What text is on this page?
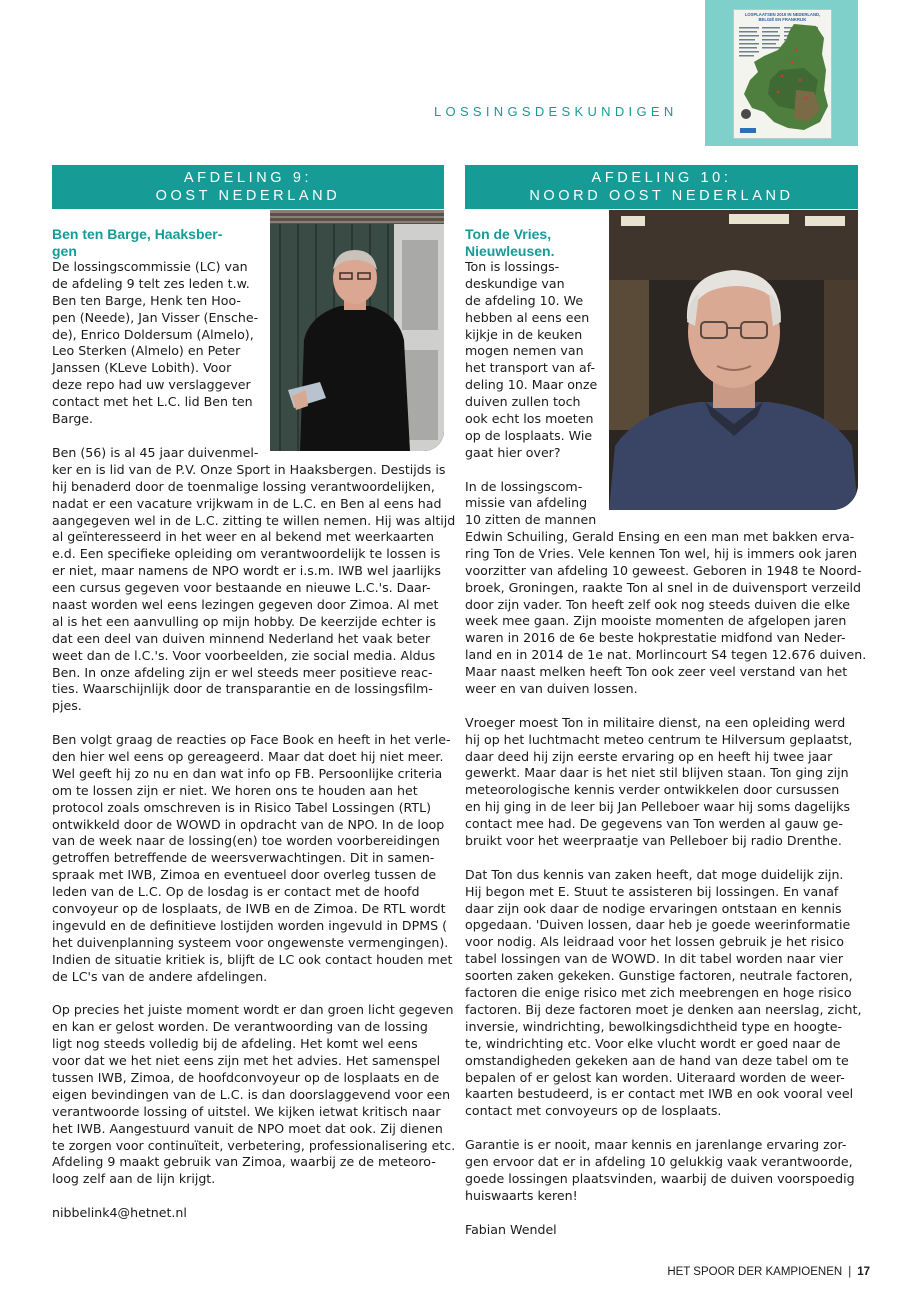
LOSSINGSDESKUNDIGEN
LOSPLAATSEN 2019 IN NEDERLAND,
BELGIË EN FRANKRIJK
AFDELING 9:
OOST NEDERLAND
AFDELING 10:
NOORD OOST NEDERLAND
Ben ten Barge, Haaksber-
gen
De lossingscommissie (LC) van
de afdeling 9 telt zes leden t.w.
Ben ten Barge, Henk ten Hoo-
pen (Neede), Jan Visser (Ensche-
de), Enrico Doldersum (Almelo),
Leo Sterken (Almelo) en Peter
Janssen (KLeve Lobith). Voor
deze repo had uw verslaggever
contact met het L.C. lid Ben ten
Barge.
Ben (56) is al 45 jaar duivenmel-
ker en is lid van de P.V. Onze Sport in Haaksbergen. Destijds is
hij benaderd door de toenmalige lossing verantwoordelijken,
nadat er een vacature vrijkwam in de L.C. en Ben al eens had
aangegeven wel in de L.C. zitting te willen nemen. Hij was altijd
al geïnteresseerd in het weer en al bekend met weerkaarten
e.d. Een specifieke opleiding om verantwoordelijk te lossen is
er niet, maar namens de NPO wordt er i.s.m. IWB wel jaarlijks
een cursus gegeven voor bestaande en nieuwe L.C.'s. Daar-
naast worden wel eens lezingen gegeven door Zimoa. Al met
al is het een aanvulling op mijn hobby. De keerzijde echter is
dat een deel van duiven minnend Nederland het vaak beter
weet dan de l.C.'s. Voor voorbeelden, zie social media. Aldus
Ben. In onze afdeling zijn er wel steeds meer positieve reac-
ties. Waarschijnlijk door de transparantie en de lossingsfilm-
pjes.
Ben volgt graag de reacties op Face Book en heeft in het verle-
den hier wel eens op gereageerd. Maar dat doet hij niet meer.
Wel geeft hij zo nu en dan wat info op FB. Persoonlijke criteria
om te lossen zijn er niet. We horen ons te houden aan het
protocol zoals omschreven is in Risico Tabel Lossingen (RTL)
ontwikkeld door de WOWD in opdracht van de NPO. In de loop
van de week naar de lossing(en) toe worden voorbereidingen
getroffen betreffende de weersverwachtingen. Dit in samen-
spraak met IWB, Zimoa en eventueel door overleg tussen de
leden van de L.C. Op de losdag is er contact met de hoofd
convoyeur op de losplaats, de IWB en de Zimoa. De RTL wordt
ingevuld en de definitieve lostijden worden ingevuld in DPMS (
het duivenplanning systeem voor ongewenste vermengingen).
Indien de situatie kritiek is, blijft de LC ook contact houden met
de LC's van de andere afdelingen.
Op precies het juiste moment wordt er dan groen licht gegeven
en kan er gelost worden. De verantwoording van de lossing
ligt nog steeds volledig bij de afdeling. Het komt wel eens
voor dat we het niet eens zijn met het advies. Het samenspel
tussen IWB, Zimoa, de hoofdconvoyeur op de losplaats en de
eigen bevindingen van de L.C. is dan doorslaggevend voor een
verantwoorde lossing of uitstel. We kijken ietwat kritisch naar
het IWB. Aangestuurd vanuit de NPO moet dat ook. Zij dienen
te zorgen voor continuïteit, verbetering, professionalisering etc.
Afdeling 9 maakt gebruik van Zimoa, waarbij ze de meteoro-
loog zelf aan de lijn krijgt.
nibbelink4@hetnet.nl
Ton de Vries,
Nieuwleusen.
Ton is lossings-
deskundige van
de afdeling 10. We
hebben al eens een
kijkje in de keuken
mogen nemen van
het transport van af-
deling 10. Maar onze
duiven zullen toch
ook echt los moeten
op de losplaats. Wie
gaat hier over?
In de lossingscom-
missie van afdeling
10 zitten de mannen
Edwin Schuiling, Gerald Ensing en een man met bakken erva-
ring Ton de Vries. Vele kennen Ton wel, hij is immers ook jaren
voorzitter van afdeling 10 geweest. Geboren in 1948 te Noord-
broek, Groningen, raakte Ton al snel in de duivensport verzeild
door zijn vader. Ton heeft zelf ook nog steeds duiven die elke
week mee gaan. Zijn mooiste momenten de afgelopen jaren
waren in 2016 de 6e beste hokprestatie midfond van Neder-
land en in 2014 de 1e nat. Morlincourt S4 tegen 12.676 duiven.
Maar naast melken heeft Ton ook zeer veel verstand van het
weer en van duiven lossen.
Vroeger moest Ton in militaire dienst, na een opleiding werd
hij op het luchtmacht meteo centrum te Hilversum geplaatst,
daar deed hij zijn eerste ervaring op en heeft hij twee jaar
gewerkt. Maar daar is het niet stil blijven staan. Ton ging zijn
meteorologische kennis verder ontwikkelen door cursussen
en hij ging in de leer bij Jan Pelleboer waar hij soms dagelijks
contact mee had. De gegevens van Ton werden al gauw ge-
bruikt voor het weerpraatje van Pelleboer bij radio Drenthe.
Dat Ton dus kennis van zaken heeft, dat moge duidelijk zijn.
Hij begon met E. Stuut te assisteren bij lossingen. En vanaf
daar zijn ook daar de nodige ervaringen ontstaan en kennis
opgedaan. 'Duiven lossen, daar heb je goede weerinformatie
voor nodig. Als leidraad voor het lossen gebruik je het risico
tabel lossingen van de WOWD. In dit tabel worden naar vier
soorten zaken gekeken. Gunstige factoren, neutrale factoren,
factoren die enige risico met zich meebrengen en hoge risico
factoren. Bij deze factoren moet je denken aan neerslag, zicht,
inversie, windrichting, bewolkingsdichtheid type en hoogte-
te, windrichting etc. Voor elke vlucht wordt er goed naar de
omstandigheden gekeken aan de hand van deze tabel om te
bepalen of er gelost kan worden. Uiteraard worden de weer-
kaarten bestudeerd, is er contact met IWB en ook vooral veel
contact met convoyeurs op de losplaats.
Garantie is er nooit, maar kennis en jarenlange ervaring zor-
gen ervoor dat er in afdeling 10 gelukkig vaak verantwoorde,
goede lossingen plaatsvinden, waarbij de duiven voorspoedig
huiswaarts keren!
Fabian Wendel
HET SPOOR DER KAMPIOENEN | 17
